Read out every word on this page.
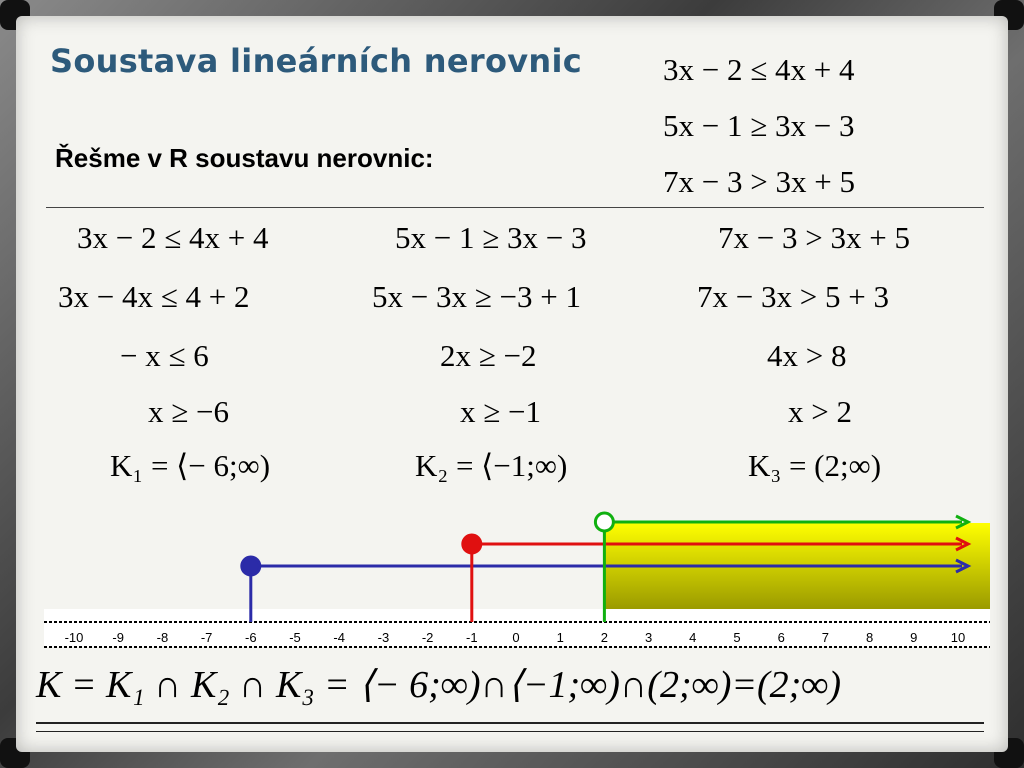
Soustava lineárních nerovnic
Řešme v R soustavu nerovnic:
3x − 2 ≤ 4x + 4
5x − 1 ≥ 3x − 3
7x − 3 > 3x + 5
3x − 2 ≤ 4x + 4
3x − 4x ≤ 4 + 2
− x ≤ 6
x ≥ −6
K₁ = ⟨− 6;∞)
5x − 1 ≥ 3x − 3
5x − 3x ≥ −3 + 1
2x ≥ −2
x ≥ −1
K₂ = ⟨−1;∞)
7x − 3 > 3x + 5
7x − 3x > 5 + 3
4x > 8
x > 2
K₃ = (2;∞)
-10 -9	-8	-7	-6	-5	-4	-3	-2	-1	0	1	2	3	4	5	6	7	8	9	10
K = K₁ ∩ K₂ ∩ K₃ = ⟨− 6;∞)∩⟨−1;∞)∩(2;∞)=(2;∞)
